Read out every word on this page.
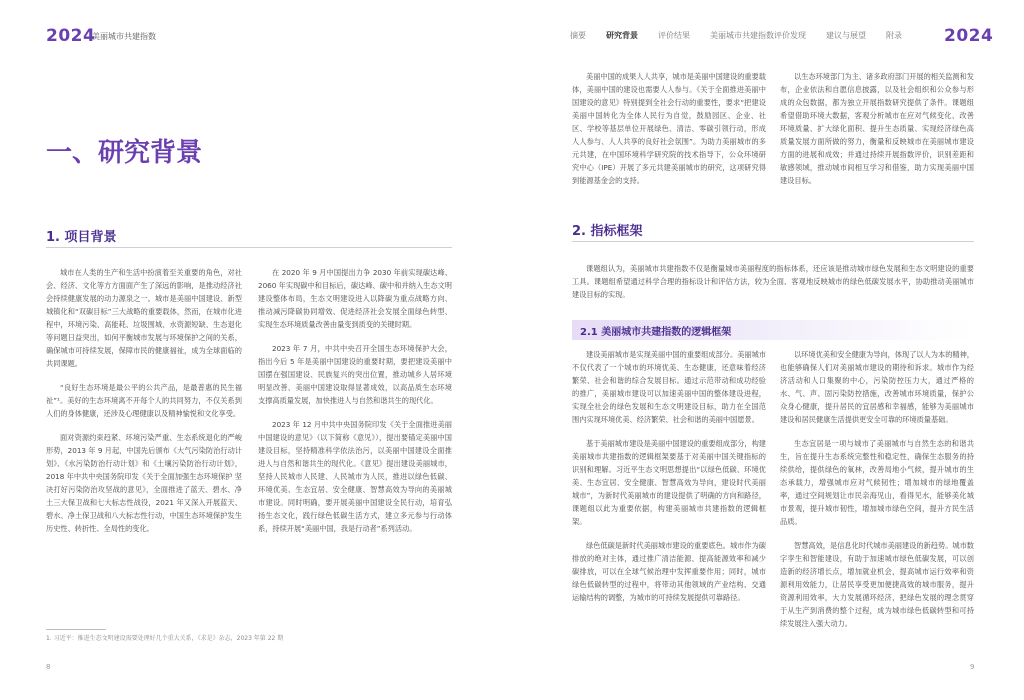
2024
美丽城市共建指数	摘要	研究背景	评价结果	美丽城市共建指数评价发现	建议与展望	附录 2024
一、研究背景
1. 项目背景

城市在人类的生产和生活中扮演着至关重要的角色，对社会、经济、文化等方方面面产生了深远的影响，是推动经济社会持续健康发展的动力源泉之一。城市是美丽中国建设、新型城镇化和“双碳目标”三大战略的重要载体，然而，在城市化进程中，环境污染、高能耗、垃圾围城、水资源短缺、生态退化等问题日益突出，如何平衡城市发展与环境保护之间的关系，确保城市可持续发展，保障市民的健康福祉，成为全球面临的共同课题。

“良好生态环境是最公平的公共产品，是最普惠的民生福祉”¹。美好的生态环境离不开每个人的共同努力，不仅关系到人们的身体健康，还涉及心理健康以及精神愉悦和文化享受。

面对资源约束趋紧、环境污染严重、生态系统退化的严峻形势，2013 年 9 月起，中国先后颁布《大气污染防治行动计划》、《水污染防治行动计划》和《土壤污染防治行动计划》，2018 年中共中央国务院印发《关于全面加强生态环境保护 坚决打好污染防治攻坚战的意见》，全面推进了蓝天、碧水、净土三大保卫战和七大标志性战役，2021 年又深入开展蓝天、碧水、净土保卫战和八大标志性行动，中国生态环境保护发生历史性、转折性、全局性的变化。

在 2020 年 9 月中国提出力争 2030 年前实现碳达峰、2060 年实现碳中和目标后，碳达峰、碳中和并纳入生态文明建设整体布局，生态文明建设进入以降碳为重点战略方向、推动减污降碳协同增效、促进经济社会发展全面绿色转型、实现生态环境质量改善由量变到质变的关键时期。

2023 年 7 月，中共中央召开全国生态环境保护大会，指出今后 5 年是美丽中国建设的重要时期，要把建设美丽中国摆在强国建设、民族复兴的突出位置，推动城乡人居环境明显改善、美丽中国建设取得显著成效，以高品质生态环境支撑高质量发展，加快推进人与自然和谐共生的现代化。

2023 年 12 月中共中央国务院印发《关于全面推进美丽中国建设的意见》（以下简称《意见》），提出要锚定美丽中国建设目标，坚持精准科学依法治污，以美丽中国建设全面推进人与自然和谐共生的现代化。《意见》提出建设美丽城市，坚持人民城市人民建、人民城市为人民，推进以绿色低碳、环境优美、生态宜居、安全健康、智慧高效为导向的美丽城市建设。同时明确，要开展美丽中国建设全民行动，培育弘扬生态文化，践行绿色低碳生活方式，建立多元参与行动体系，持续开展“美丽中国，我是行动者”系列活动。

1. 习近平：推进生态文明建设需要处理好几个重大关系，《求是》杂志，2023 年第 22 期
8

美丽中国的成果人人共享，城市是美丽中国建设的重要载体，美丽中国的建设也需要人人参与。《关于全面推进美丽中国建设的意见》特别提到全社会行动的重要性，要求“把建设美丽中国转化为全体人民行为自觉，鼓励园区、企业、社区、学校等基层单位开展绿色、清洁、零碳引领行动，形成人人参与、人人共享的良好社会氛围”。为助力美丽城市的多元共建，在中国环境科学研究院的技术指导下，公众环境研究中心（IPE）开展了多元共建美丽城市的研究，这项研究得到能源基金会的支持。

以生态环境部门为主、诸多政府部门开展的相关监测和发布，企业依法和自愿信息披露，以及社会组织和公众参与形成的众包数据，都为独立开展指数研究提供了条件。课题组希望借助环境大数据，客观分析城市在应对气候变化、改善环境质量、扩大绿化面积、提升生态质量、实现经济绿色高质量发展方面所做的努力，衡量和反映城市在美丽城市建设方面的进展和成效；并通过持续开展指数评价，识别差距和敏感领域，推动城市间相互学习和借鉴，助力实现美丽中国建设目标。

2. 指标框架

课题组认为，美丽城市共建指数不仅是衡量城市美丽程度的指标体系，还应该是推动城市绿色发展和生态文明建设的重要工具。课题组希望通过科学合理的指标设计和评估方法，较为全面、客观地反映城市的绿色低碳发展水平，协助推动美丽城市建设目标的实现。

2.1 美丽城市共建指数的逻辑框架

建设美丽城市是实现美丽中国的重要组成部分。美丽城市不仅代表了一个城市的环境优美、生态健康，还意味着经济繁荣、社会和谐的综合发展目标。通过示范带动和成功经验的推广，美丽城市建设可以加速美丽中国的整体建设进程，实现全社会的绿色发展和生态文明建设目标，助力在全国范围内实现环境优美、经济繁荣、社会和谐的美丽中国愿景。

基于美丽城市建设是美丽中国建设的重要组成部分，构建美丽城市共建指数的逻辑框架要基于对美丽中国关键指标的识别和理解。习近平生态文明思想提出“以绿色低碳、环境优美、生态宜居、安全健康、智慧高效为导向，建设时代美丽城市”，为新时代美丽城市的建设提供了明确的方向和路径，课题组以此为重要依据，构建美丽城市共建指数的逻辑框架。

绿色低碳是新时代美丽城市建设的重要底色。城市作为碳排放的绝对主体，通过推广清洁能源、提高能源效率和减少碳排放，可以在全球气候治理中发挥重要作用；同时，城市绿色低碳转型的过程中，将带动其他领域的产业结构、交通运输结构的调整，为城市的可持续发展提供可靠路径。

以环境优美和安全健康为导向，体现了以人为本的精神，也能够确保人们对美丽城市建设的期待和诉求。城市作为经济活动和人口集聚的中心，污染防控压力大，通过严格的水、气、声、固污染防控措施，改善城市环境质量，保护公众身心健康，提升居民的宜居感和幸福感，能够为美丽城市建设和居民健康生活提供更安全可靠的环境质量基础。

生态宜居是一项与城市了美丽城市与自然生态的和谐共生，旨在提升生态系统完整性和稳定性，确保生态服务的持续供给，提供绿色的氧林，改善局地小气候，提升城市的生态承载力，增强城市应对气候韧性；增加城市的绿地覆盖率，通过空间规划让市民亲海见山，看得见水，能够美化城市景观，提升城市韧性，增加城市绿色空间，提升方民生活品质。

智慧高效，是信息化时代城市美丽建设的新趋势。城市数字孪生和智能建设，有助于加速城市绿色低碳发展，可以创造新的经济增长点，增加就业机会，提高城市运行效率和资源利用效能力，让居民享受更加便捷高效的城市服务，提升资源利用效率，大力发展循环经济，把绿色发展的理念贯穿于从生产到消费的整个过程，成为城市绿色低碳转型和可持续发展注入强大动力。

9
